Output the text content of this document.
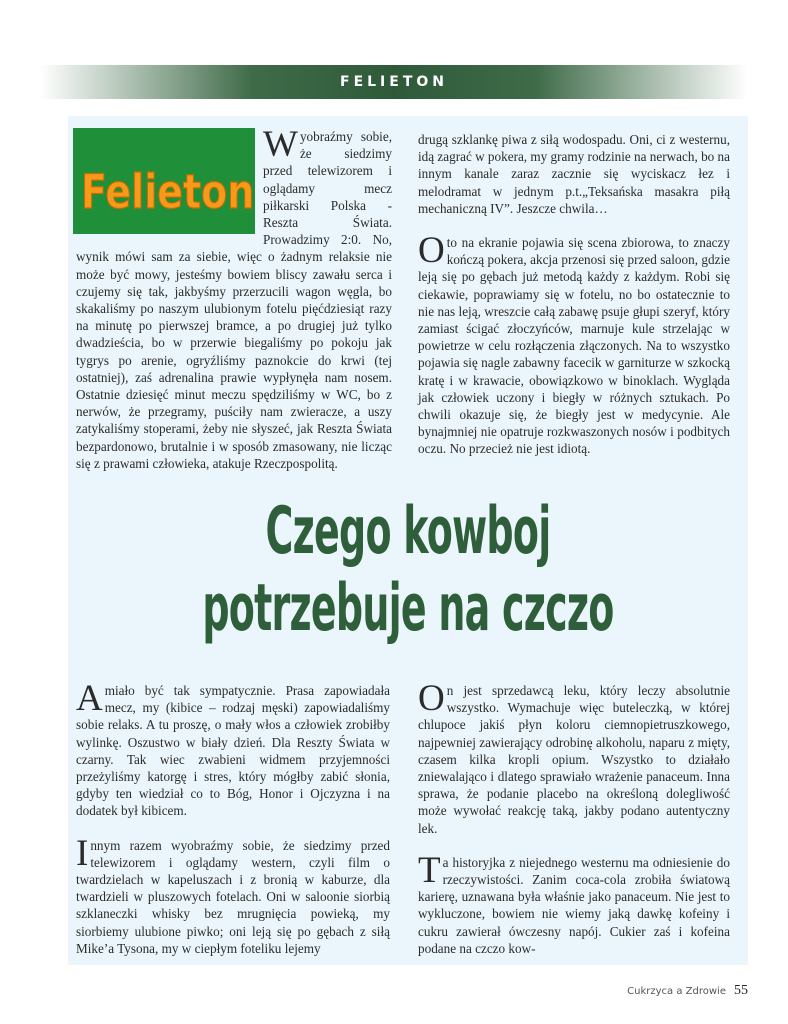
FELIETON
Felieton

Wyobraźmy sobie, że siedzimy przed telewizorem i oglądamy mecz piłkarski Polska - Reszta Świata. Prowadzimy 2:0. No, wynik mówi sam za siebie, więc o żadnym relaksie nie może być mowy, jesteśmy bowiem bliscy zawału serca i czujemy się tak, jakbyśmy przerzucili wagon węgla, bo skakaliśmy po naszym ulubionym fotelu pięćdziesiąt razy na minutę po pierwszej bramce, a po drugiej już tylko dwadzieścia, bo w przerwie biegaliśmy po pokoju jak tygrys po arenie, ogryźliśmy paznokcie do krwi (tej ostatniej), zaś adrenalina prawie wypłynęła nam nosem. Ostatnie dziesięć minut meczu spędziliśmy w WC, bo z nerwów, że przegramy, puściły nam zwieracze, a uszy zatykaliśmy stoperami, żeby nie słyszeć, jak Reszta Świata bezpardonowo, brutalnie i w sposób zmasowany, nie licząc się z prawami człowieka, atakuje Rzeczpospolitą.

drugą szklankę piwa z siłą wodospadu. Oni, ci z westernu, idą zagrać w pokera, my gramy rodzinie na nerwach, bo na innym kanale zaraz zacznie się wyciskacz łez i melodramat w jednym p.t.„Teksańska masakra piłą mechaniczną IV”. Jeszcze chwila…

Oto na ekranie pojawia się scena zbiorowa, to znaczy kończą pokera, akcja przenosi się przed saloon, gdzie leją się po gębach już metodą każdy z każdym. Robi się ciekawie, poprawiamy się w fotelu, no bo ostatecznie to nie nas leją, wreszcie całą zabawę psuje głupi szeryf, który zamiast ścigać złoczyńców, marnuje kule strzelając w powietrze w celu rozłączenia złączonych. Na to wszystko pojawia się nagle zabawny facecik w garniturze w szkocką kratę i w krawacie, obowiązkowo w binoklach. Wygląda jak człowiek uczony i biegły w różnych sztukach. Po chwili okazuje się, że biegły jest w medycynie. Ale bynajmniej nie opatruje rozkwaszonych nosów i podbitych oczu. No przecież nie jest idiotą.

Czego kowboj
potrzebuje na czczo

Amiało być tak sympatycznie. Prasa zapowiadała mecz, my (kibice – rodzaj męski) zapowiadaliśmy sobie relaks. A tu proszę, o mały włos a człowiek zrobiłby wylinkę. Oszustwo w biały dzień. Dla Reszty Świata w czarny. Tak wiec zwabieni widmem przyjemności przeżyliśmy katorgę i stres, który mógłby zabić słonia, gdyby ten wiedział co to Bóg, Honor i Ojczyzna i na dodatek był kibicem.

Innym razem wyobraźmy sobie, że siedzimy przed telewizorem i oglądamy western, czyli film o twardzielach w kapeluszach i z bronią w kaburze, dla twardzieli w pluszowych fotelach. Oni w saloonie siorbią szklaneczki whisky bez mrugnięcia powieką, my siorbiemy ulubione piwko; oni leją się po gębach z siłą Mike’a Tysona, my w ciepłym foteliku lejemy

On jest sprzedawcą leku, który leczy absolutnie wszystko. Wymachuje więc buteleczką, w której chlupoce jakiś płyn koloru ciemnopietruszkowego, najpewniej zawierający odrobinę alkoholu, naparu z mięty, czasem kilka kropli opium. Wszystko to działało zniewalająco i dlatego sprawiało wrażenie panaceum. Inna sprawa, że podanie placebo na określoną dolegliwość może wywołać reakcję taką, jakby podano autentyczny lek.

Ta historyjka z niejednego westernu ma odniesienie do rzeczywistości. Zanim coca-cola zrobiła światową karierę, uznawana była właśnie jako panaceum. Nie jest to wykluczone, bowiem nie wiemy jaką dawkę kofeiny i cukru zawierał ówczesny napój. Cukier zaś i kofeina podane na czczo kow-

Cukrzyca a Zdrowie 55
